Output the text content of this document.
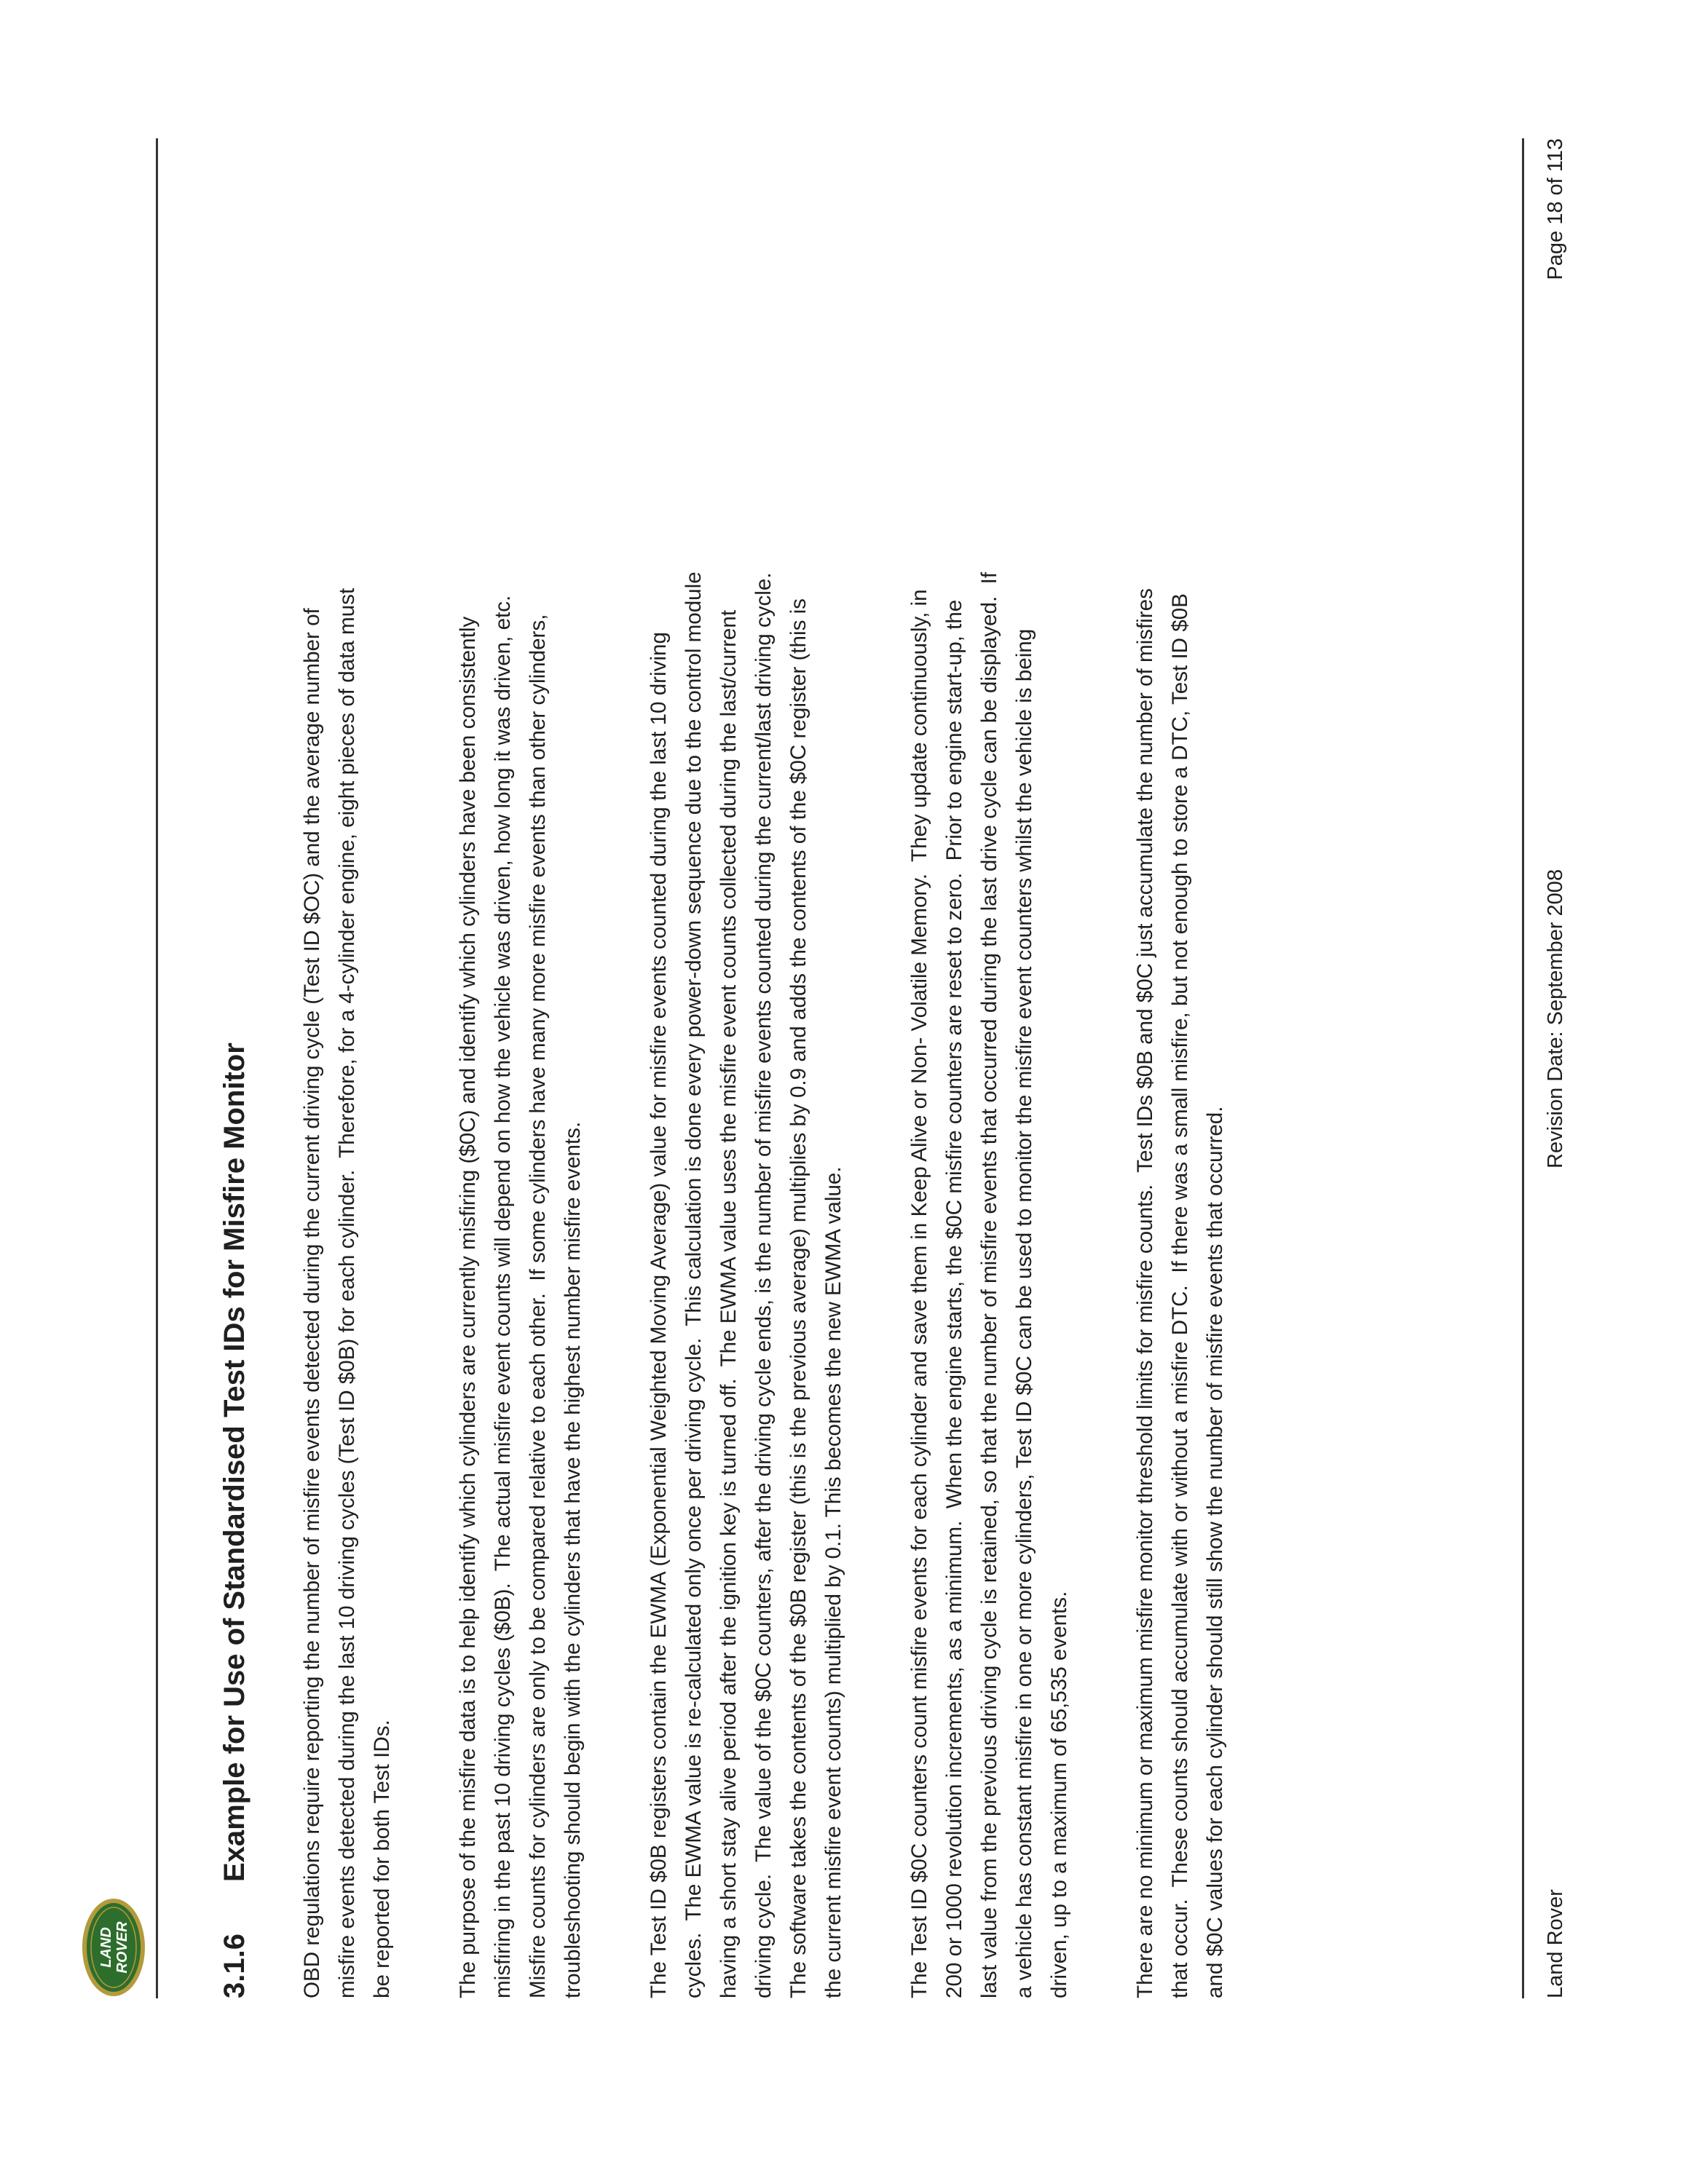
LAND ROVER	3.1.6Example for Use of Standardised Test IDs for Misfire Monitor OBD regulations require reporting the number of misfire events detected during the current driving cycle (Test ID $OC) and the average number of misfire events detected during the last 10 driving cycles (Test ID $0B) for each cylinder.  Therefore, for a 4-cylinder engine, eight pieces of data must be reported for both Test IDs.	The purpose of the misfire data is to help identify which cylinders are currently misfiring ($0C) and identify which cylinders have been consistently misfiring in the past 10 driving cycles ($0B).  The actual misfire event counts will depend on how the vehicle was driven, how long it was driven, etc. Misfire counts for cylinders are only to be compared relative to each other.  If some cylinders have many more misfire events than other cylinders, troubleshooting should begin with the cylinders that have the highest number misfire events.	The Test ID $0B registers contain the EWMA (Exponential Weighted Moving Average) value for misfire events counted during the last 10 driving cycles.  The EWMA value is re-calculated only once per driving cycle.  This calculation is done every power-down sequence due to the control module having a short stay alive period after the ignition key is turned off.  The EWMA value uses the misfire event counts collected during the last/current driving cycle.  The value of the $0C counters, after the driving cycle ends, is the number of misfire events counted during the current/last driving cycle. The software takes the contents of the $0B register (this is the previous average) multiplies by 0.9 and adds the contents of the $0C register (this is the current misfire event counts) multiplied by 0.1. This becomes the new EWMA value.	The Test ID $0C counters count misfire events for each cylinder and save them in Keep Alive or Non- Volatile Memory.  They update continuously, in 200 or 1000 revolution increments, as a minimum.  When the engine starts, the $0C misfire counters are reset to zero.  Prior to engine start-up, the last value from the previous driving cycle is retained, so that the number of misfire events that occurred during the last drive cycle can be displayed.  If a vehicle has constant misfire in one or more cylinders, Test ID $0C can be used to monitor the misfire event counters whilst the vehicle is being driven, up to a maximum of 65,535 events.	There are no minimum or maximum misfire monitor threshold limits for misfire counts.  Test IDs $0B and $0C just accumulate the number of misfires that occur.  These counts should accumulate with or without a misfire DTC.  If there was a small misfire, but not enough to store a DTC, Test ID $0B and $0C values for each cylinder should still show the number of misfire events that occurred.	Land Rover
Revision Date: September 2008
Page 18 of 113
